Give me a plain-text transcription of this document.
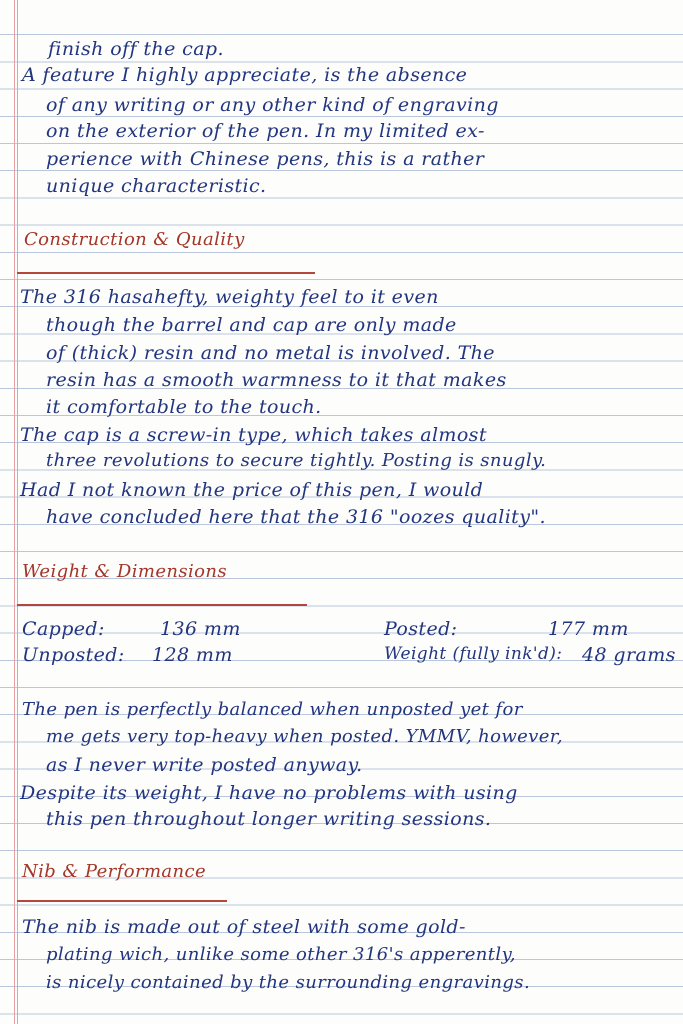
finish off the cap.
A feature I highly appreciate, is the absence
of any writing or any other kind of engraving
on the exterior of the pen. In my limited ex-
perience with Chinese pens, this is a rather
unique characteristic.
Construction & Quality
The 316 hasahefty, weighty feel to it even
though the barrel and cap are only made
of (thick) resin and no metal is involved. The
resin has a smooth warmness to it that makes
it comfortable to the touch.
The cap is a screw-in type, which takes almost
three revolutions to secure tightly. Posting is snugly.
Had I not known the price of this pen, I would
have concluded here that the 316 "oozes quality".
Weight & Dimensions
Capped:	136 mm	Posted:	177 mm
Unposted: 128 mm	Weight (fully ink'd): 48 grams
The pen is perfectly balanced when unposted yet for
me gets very top-heavy when posted. YMMV, however,
as I never write posted anyway.
Despite its weight, I have no problems with using
this pen throughout longer writing sessions.
Nib & Performance
The nib is made out of steel with some gold-
plating wich, unlike some other 316's apperently,
is nicely contained by the surrounding engravings.
